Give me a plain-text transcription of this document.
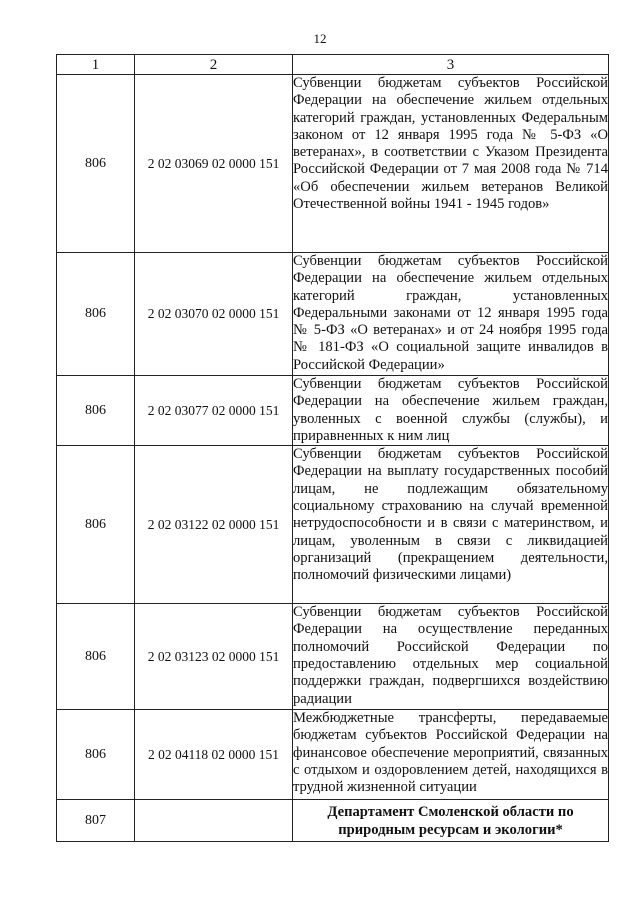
12
1	2	3
806	2 02 03069 02 0000 151	Субвенции бюджетам субъектов Российской Федерации на обеспечение жильем отдельных категорий граждан, установленных Федеральным законом от 12 января 1995 года № 5-ФЗ «О ветеранах», в соответствии с Указом Президента Российской Федерации от 7 мая 2008 года № 714 «Об обеспечении жильем ветеранов Великой Отечественной войны 1941 - 1945 годов»
806	2 02 03070 02 0000 151	Субвенции бюджетам субъектов Российской Федерации на обеспечение жильем отдельных категорий граждан, установленных Федеральными законами от 12 января 1995 года № 5-ФЗ «О ветеранах» и от 24 ноября 1995 года № 181-ФЗ «О социальной защите инвалидов в Российской Федерации»
806	2 02 03077 02 0000 151	Субвенции бюджетам субъектов Российской Федерации на обеспечение жильем граждан, уволенных с военной службы (службы), и приравненных к ним лиц
806	2 02 03122 02 0000 151	Субвенции бюджетам субъектов Российской Федерации на выплату государственных пособий лицам, не подлежащим обязательному социальному страхованию на случай временной нетрудоспособности и в связи с материнством, и лицам, уволенным в связи с ликвидацией организаций (прекращением деятельности, полномочий физическими лицами)
806	2 02 03123 02 0000 151	Субвенции бюджетам субъектов Российской Федерации на осуществление переданных полномочий Российской Федерации по предоставлению отдельных мер социальной поддержки граждан, подвергшихся воздействию радиации
806	2 02 04118 02 0000 151	Межбюджетные трансферты, передаваемые бюджетам субъектов Российской Федерации на финансовое обеспечение мероприятий, связанных с отдыхом и оздоровлением детей, находящихся в трудной жизненной ситуации
807		Департамент Смоленской области по природным ресурсам и экологии*
